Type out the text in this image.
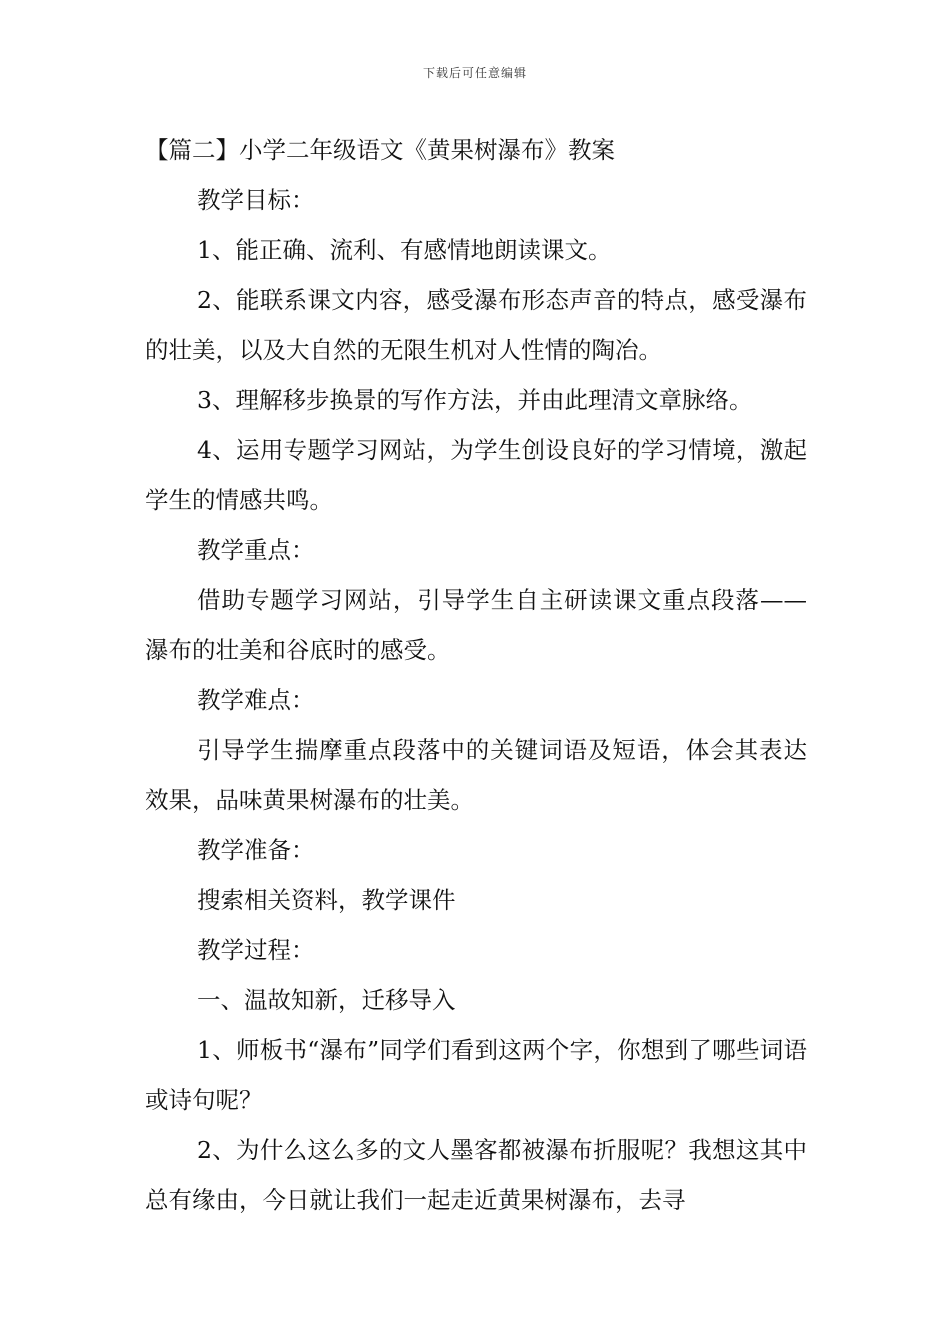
下载后可任意编辑

【篇二】小学二年级语文《黄果树瀑布》教案

教学目标：

1、能正确、流利、有感情地朗读课文。

2、能联系课文内容，感受瀑布形态声音的特点，感受瀑布的壮美，以及大自然的无限生机对人性情的陶冶。

3、理解移步换景的写作方法，并由此理清文章脉络。

4、运用专题学习网站，为学生创设良好的学习情境，激起学生的情感共鸣。

教学重点：

借助专题学习网站，引导学生自主研读课文重点段落——瀑布的壮美和谷底时的感受。

教学难点：

引导学生揣摩重点段落中的关键词语及短语，体会其表达效果，品味黄果树瀑布的壮美。

教学准备：

搜索相关资料，教学课件

教学过程：

一、温故知新，迁移导入

1、师板书“瀑布”同学们看到这两个字，你想到了哪些词语或诗句呢？

2、为什么这么多的文人墨客都被瀑布折服呢？我想这其中总有缘由，今日就让我们一起走近黄果树瀑布，去寻
